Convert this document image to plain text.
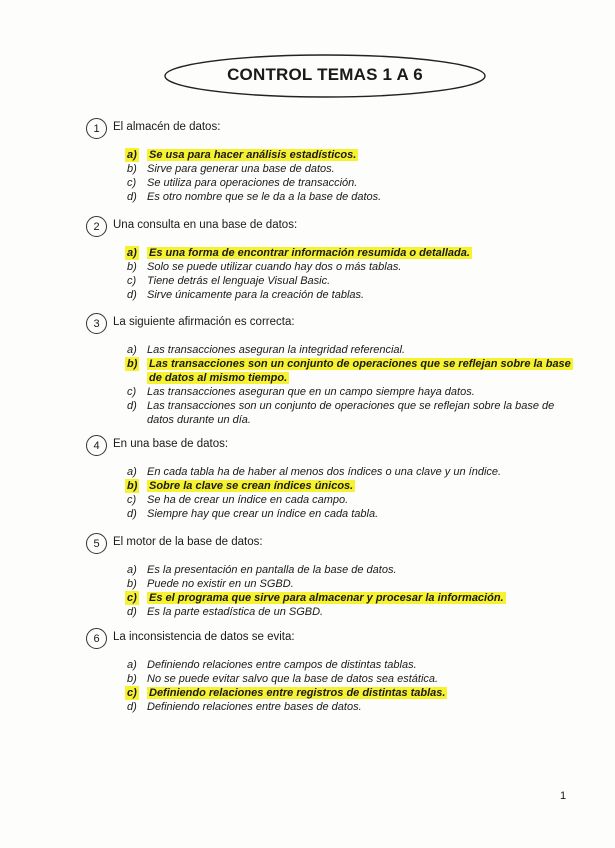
CONTROL TEMAS 1 A 6
1	El almacén de datos:
a) Se usa para hacer análisis estadísticos.
b) Sirve para generar una base de datos.
c) Se utiliza para operaciones de transacción.
d) Es otro nombre que se le da a la base de datos.
2	Una consulta en una base de datos:
a) Es una forma de encontrar información resumida o detallada.
b) Solo se puede utilizar cuando hay dos o más tablas.
c) Tiene detrás el lenguaje Visual Basic.
d) Sirve únicamente para la creación de tablas.
3	La siguiente afirmación es correcta:
a) Las transacciones aseguran la integridad referencial.
b) Las transacciones son un conjunto de operaciones que se reflejan sobre la base de datos al mismo tiempo.
c) Las transacciones aseguran que en un campo siempre haya datos.
d) Las transacciones son un conjunto de operaciones que se reflejan sobre la base de datos durante un día.
4	En una base de datos:
a) En cada tabla ha de haber al menos dos índices o una clave y un índice.
b) Sobre la clave se crean índices únicos.
c) Se ha de crear un índice en cada campo.
d) Siempre hay que crear un índice en cada tabla.
5	El motor de la base de datos:
a) Es la presentación en pantalla de la base de datos.
b) Puede no existir en un SGBD.
c) Es el programa que sirve para almacenar y procesar la información.
d) Es la parte estadística de un SGBD.
6	La inconsistencia de datos se evita:
a) Definiendo relaciones entre campos de distintas tablas.
b) No se puede evitar salvo que la base de datos sea estática.
c) Definiendo relaciones entre registros de distintas tablas.
d) Definiendo relaciones entre bases de datos.
1
